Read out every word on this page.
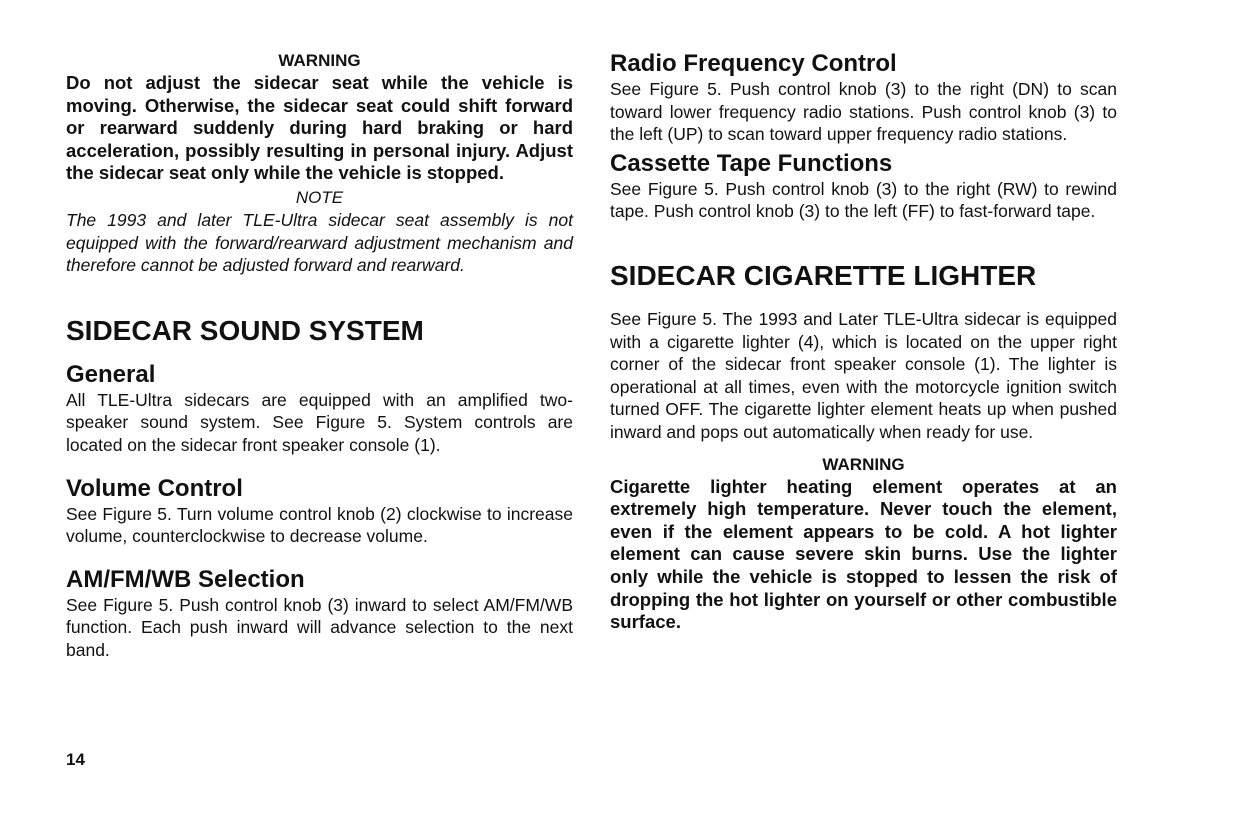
WARNING

Do not adjust the sidecar seat while the vehicle is moving. Otherwise, the sidecar seat could shift forward or rearward suddenly during hard braking or hard acceleration, possibly resulting in personal injury. Adjust the sidecar seat only while the vehicle is stopped.

NOTE

The 1993 and later TLE-Ultra sidecar seat assembly is not equipped with the forward/rearward adjustment mechanism and therefore cannot be adjusted forward and rearward.

SIDECAR SOUND SYSTEM
General

All TLE-Ultra sidecars are equipped with an amplified two-speaker sound system. See Figure 5. System controls are located on the sidecar front speaker console (1).

Volume Control

See Figure 5. Turn volume control knob (2) clockwise to increase volume, counterclockwise to decrease volume.

AM/FM/WB Selection

See Figure 5. Push control knob (3) inward to select AM/FM/WB function. Each push inward will advance selection to the next band.

Radio Frequency Control

See Figure 5. Push control knob (3) to the right (DN) to scan toward lower frequency radio stations. Push control knob (3) to the left (UP) to scan toward upper frequency radio stations.

Cassette Tape Functions

See Figure 5. Push control knob (3) to the right (RW) to rewind tape. Push control knob (3) to the left (FF) to fast-forward tape.

SIDECAR CIGARETTE LIGHTER

See Figure 5. The 1993 and Later TLE-Ultra sidecar is equipped with a cigarette lighter (4), which is located on the upper right corner of the sidecar front speaker console (1). The lighter is operational at all times, even with the motorcycle ignition switch turned OFF. The cigarette lighter element heats up when pushed inward and pops out automatically when ready for use.

WARNING

Cigarette lighter heating element operates at an extremely high temperature. Never touch the element, even if the element appears to be cold. A hot lighter element can cause severe skin burns. Use the lighter only while the vehicle is stopped to lessen the risk of dropping the hot lighter on yourself or other combustible surface.

14
